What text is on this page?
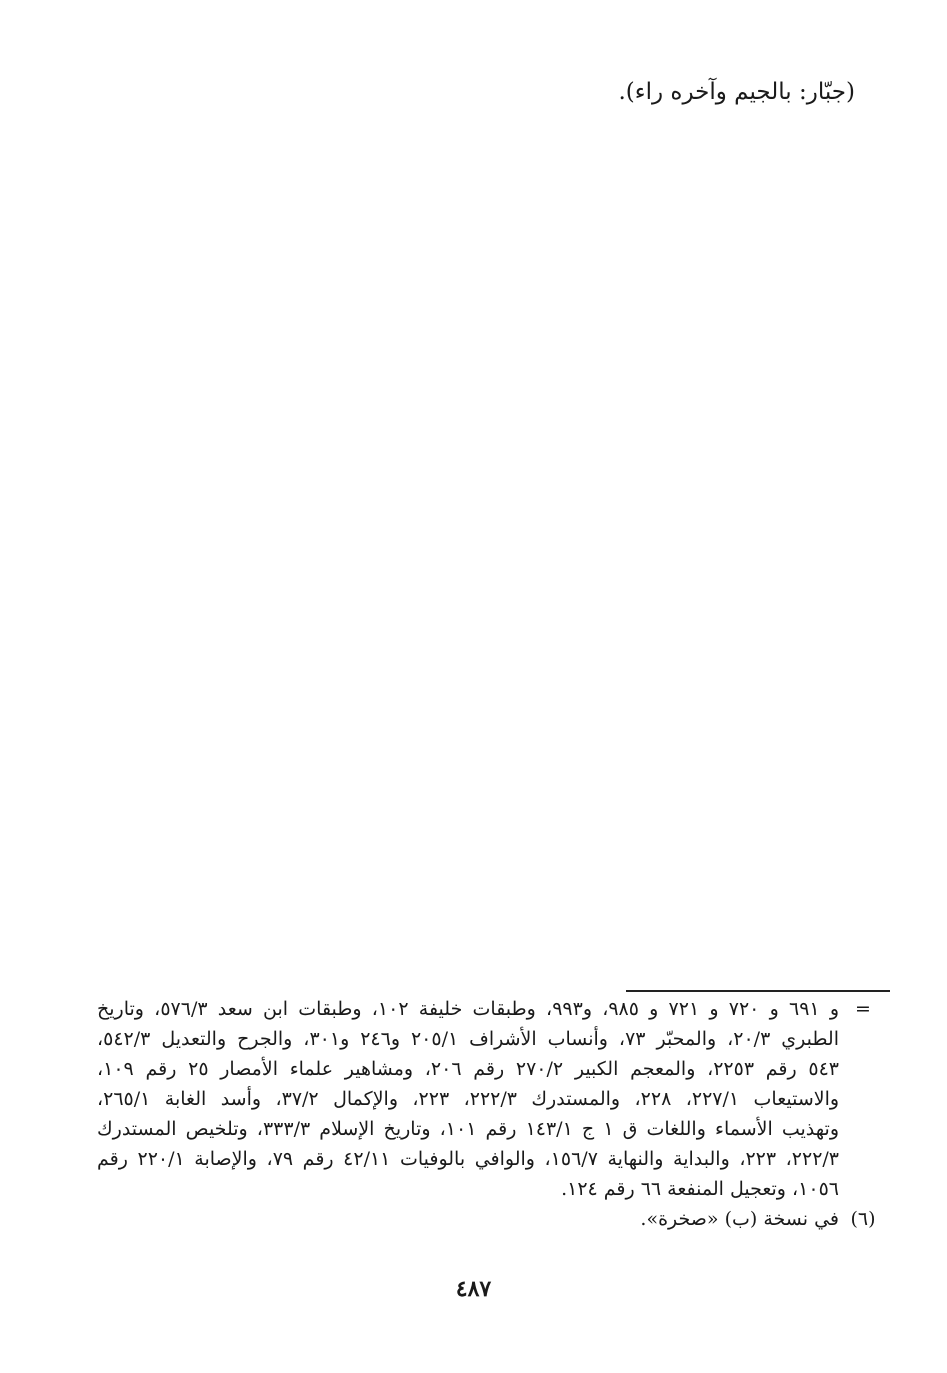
(جبّار: بالجيم وآخره راء).
=
و ٦٩١ و ٧٢٠ و ٧٢١ و ٩٨٥، و٩٩٣، وطبقات خليفة ١٠٢، وطبقات ابن سعد ٥٧٦/٣، وتاريخ
الطبري ٢٠/٣، والمحبّر ٧٣، وأنساب الأشراف ٢٠٥/١ و٢٤٦ و٣٠١، والجرح والتعديل ٥٤٢/٣،
٥٤٣ رقم ٢٢٥٣، والمعجم الكبير ٢٧٠/٢ رقم ٢٠٦، ومشاهير علماء الأمصار ٢٥ رقم ١٠٩،
والاستيعاب ٢٢٧/١، ٢٢٨، والمستدرك ٢٢٢/٣، ٢٢٣، والإكمال ٣٧/٢، وأسد الغابة ٢٦٥/١،
وتهذيب الأسماء واللغات ق ١ ج ١٤٣/١ رقم ١٠١، وتاريخ الإسلام ٣٣٣/٣، وتلخيص المستدرك
٢٢٢/٣، ٢٢٣، والبداية والنهاية ١٥٦/٧، والوافي بالوفيات ٤٢/١١ رقم ٧٩، والإصابة ٢٢٠/١ رقم
١٠٥٦، وتعجيل المنفعة ٦٦ رقم ١٢٤.
(٦)
في نسخة (ب) «صخرة».
٤٨٧
